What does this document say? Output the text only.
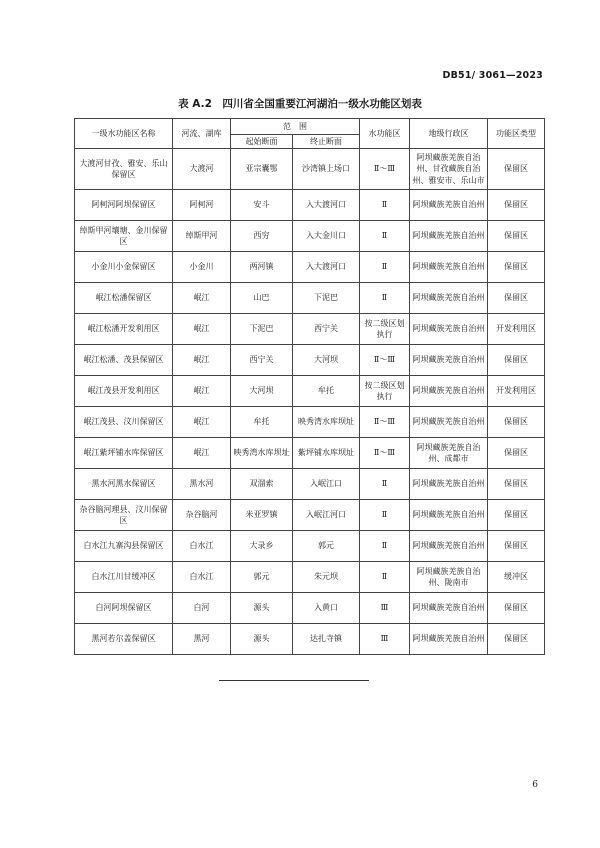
DB51/ 3061—2023
表 A.2　四川省全国重要江河湖泊一级水功能区划表
一级水功能区名称	河流、湖库	范　围		水功能区	地级行政区	功能区类型
		起始断面	终止断面			
大渡河甘孜、雅安、乐山保留区	大渡河	亚宗囊鄂	沙湾镇上场口	Ⅱ～Ⅲ	阿坝藏族羌族自治州、甘孜藏族自治州、雅安市、乐山市	保留区
阿柯河阿坝保留区	阿柯河	安斗	入大渡河口	Ⅱ	阿坝藏族羌族自治州	保留区
绰斯甲河壤塘、金川保留区	绰斯甲河	西穷	入大金川口	Ⅱ	阿坝藏族羌族自治州	保留区
小金川小金保留区	小金川	两河镇	入大渡河口	Ⅱ	阿坝藏族羌族自治州	保留区
岷江松潘保留区	岷江	山巴	下泥巴	Ⅱ	阿坝藏族羌族自治州	保留区
岷江松潘开发利用区	岷江	下泥巴	西宁关	按二级区划执行	阿坝藏族羌族自治州	开发利用区
岷江松潘、茂县保留区	岷江	西宁关	大河坝	Ⅱ～Ⅲ	阿坝藏族羌族自治州	保留区
岷江茂县开发利用区	岷江	大河坝	牟托	按二级区划执行	阿坝藏族羌族自治州	开发利用区
岷江茂县、汶川保留区	岷江	牟托	映秀湾水库坝址	Ⅱ～Ⅲ	阿坝藏族羌族自治州	保留区
岷江紫坪铺水库保留区	岷江	映秀湾水库坝址	紫坪铺水库坝址	Ⅱ～Ⅲ	阿坝藏族羌族自治州、成都市	保留区
黑水河黑水保留区	黑水河	双溜索	入岷江口	Ⅱ	阿坝藏族羌族自治州	保留区
杂谷脑河理县、汶川保留区	杂谷脑河	米亚罗镇	入岷江河口	Ⅱ	阿坝藏族羌族自治州	保留区
白水江九寨沟县保留区	白水江	大录乡	郭元	Ⅱ	阿坝藏族羌族自治州	保留区
白水江川甘缓冲区	白水江	郭元	朱元坝	Ⅱ	阿坝藏族羌族自治州、陇南市	缓冲区
白河阿坝保留区	白河	源头	入黄口	Ⅲ	阿坝藏族羌族自治州	保留区
黑河若尔盖保留区	黑河	源头	达扎寺镇	Ⅲ	阿坝藏族羌族自治州	保留区
6
